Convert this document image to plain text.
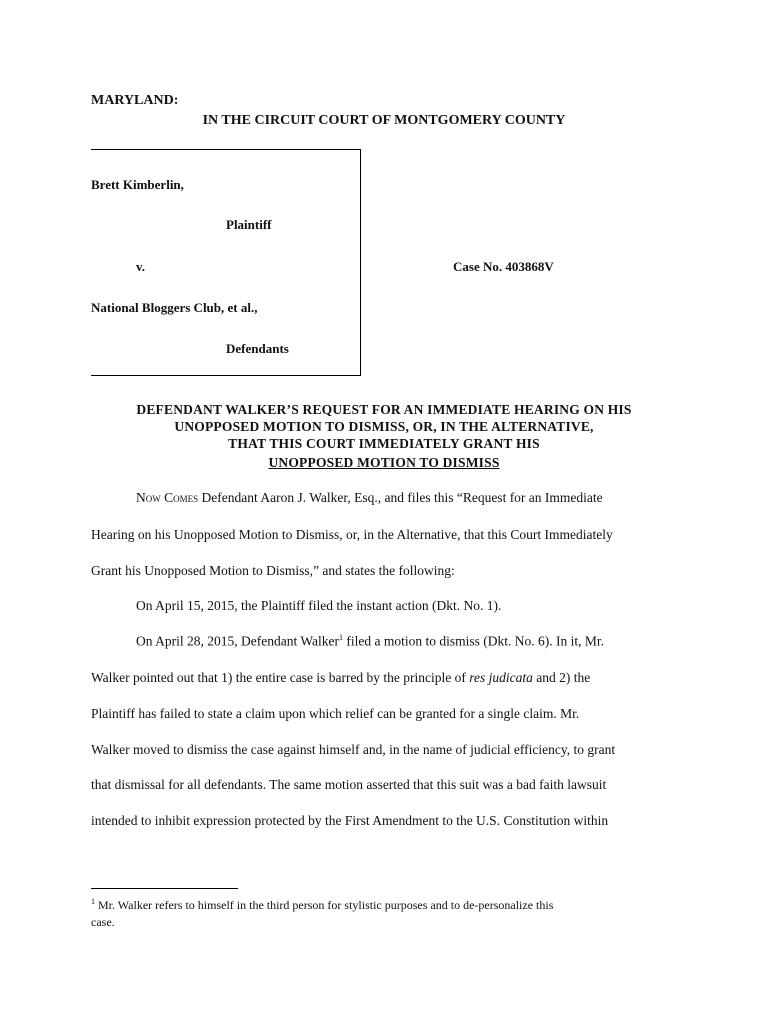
MARYLAND:
IN THE CIRCUIT COURT OF MONTGOMERY COUNTY
Brett Kimberlin,
Plaintiff
v.
National Bloggers Club, et al.,
Defendants
Case No. 403868V
DEFENDANT WALKER’S REQUEST FOR AN IMMEDIATE HEARING ON HIS
UNOPPOSED MOTION TO DISMISS, OR, IN THE ALTERNATIVE,
THAT THIS COURT IMMEDIATELY GRANT HIS
UNOPPOSED MOTION TO DISMISS
Now Comes Defendant Aaron J. Walker, Esq., and files this “Request for an Immediate
Hearing on his Unopposed Motion to Dismiss, or, in the Alternative, that this Court Immediately
Grant his Unopposed Motion to Dismiss,” and states the following:
On April 15, 2015, the Plaintiff filed the instant action (Dkt. No. 1).
On April 28, 2015, Defendant Walker$^1$ filed a motion to dismiss (Dkt. No. 6). In it, Mr.
Walker pointed out that 1) the entire case is barred by the principle of res judicata and 2) the
Plaintiff has failed to state a claim upon which relief can be granted for a single claim. Mr.
Walker moved to dismiss the case against himself and, in the name of judicial efficiency, to grant
that dismissal for all defendants. The same motion asserted that this suit was a bad faith lawsuit
intended to inhibit expression protected by the First Amendment to the U.S. Constitution within
$^1$ Mr. Walker refers to himself in the third person for stylistic purposes and to de-personalize this
case.
